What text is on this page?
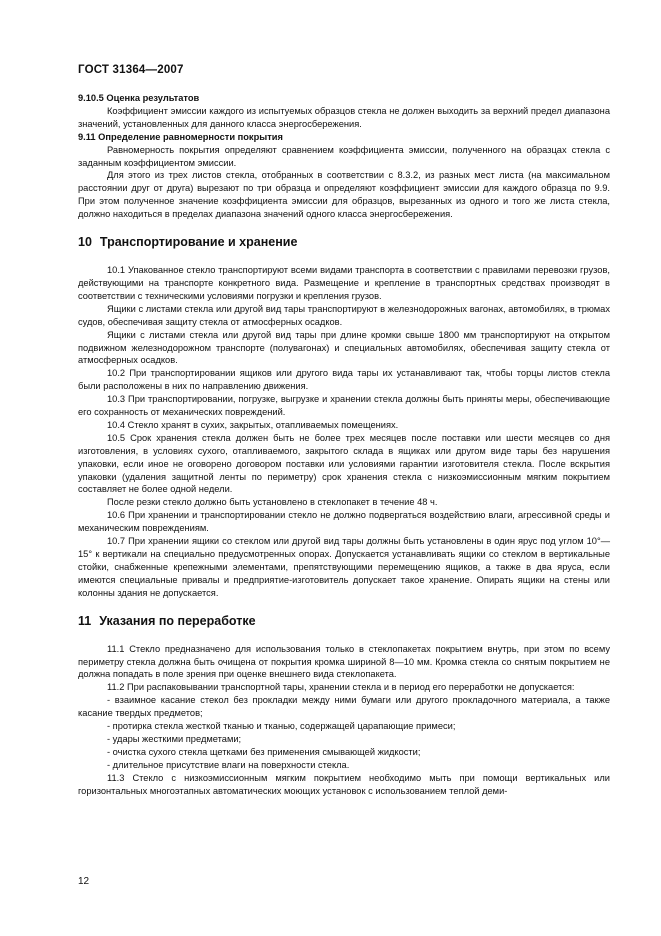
ГОСТ 31364—2007

9.10.5 Оценка результатов

Коэффициент эмиссии каждого из испытуемых образцов стекла не должен выходить за верхний предел диапазона значений, установленных для данного класса энергосбережения.

9.11 Определение равномерности покрытия

Равномерность покрытия определяют сравнением коэффициента эмиссии, полученного на образцах стекла с заданным коэффициентом эмиссии.

Для этого из трех листов стекла, отобранных в соответствии с 8.3.2, из разных мест листа (на максимальном расстоянии друг от друга) вырезают по три образца и определяют коэффициент эмиссии для каждого образца по 9.9. При этом полученное значение коэффициента эмиссии для образцов, вырезанных из одного и того же листа стекла, должно находиться в пределах диапазона значений одного класса энергосбережения.

10 Транспортирование и хранение

10.1 Упакованное стекло транспортируют всеми видами транспорта в соответствии с правилами перевозки грузов, действующими на транспорте конкретного вида. Размещение и крепление в транспортных средствах производят в соответствии с техническими условиями погрузки и крепления грузов.

Ящики с листами стекла или другой вид тары транспортируют в железнодорожных вагонах, автомобилях, в трюмах судов, обеспечивая защиту стекла от атмосферных осадков.

Ящики с листами стекла или другой вид тары при длине кромки свыше 1800 мм транспортируют на открытом подвижном железнодорожном транспорте (полувагонах) и специальных автомобилях, обеспечивая защиту стекла от атмосферных осадков.

10.2 При транспортировании ящиков или другого вида тары их устанавливают так, чтобы торцы листов стекла были расположены в них по направлению движения.

10.3 При транспортировании, погрузке, выгрузке и хранении стекла должны быть приняты меры, обеспечивающие его сохранность от механических повреждений.

10.4 Стекло хранят в сухих, закрытых, отапливаемых помещениях.

10.5 Срок хранения стекла должен быть не более трех месяцев после поставки или шести месяцев со дня изготовления, в условиях сухого, отапливаемого, закрытого склада в ящиках или другом виде тары без нарушения упаковки, если иное не оговорено договором поставки или условиями гарантии изготовителя стекла. После вскрытия упаковки (удаления защитной ленты по периметру) срок хранения стекла с низкоэмиссионным мягким покрытием составляет не более одной недели.

После резки стекло должно быть установлено в стеклопакет в течение 48 ч.

10.6 При хранении и транспортировании стекло не должно подвергаться воздействию влаги, агрессивной среды и механическим повреждениям.

10.7 При хранении ящики со стеклом или другой вид тары должны быть установлены в один ярус под углом 10°—15° к вертикали на специально предусмотренных опорах. Допускается устанавливать ящики со стеклом в вертикальные стойки, снабженные крепежными элементами, препятствующими перемещению ящиков, а также в два яруса, если имеются специальные привалы и предприятие-изготовитель допускает такое хранение. Опирать ящики на стены или колонны здания не допускается.

11 Указания по переработке

11.1 Стекло предназначено для использования только в стеклопакетах покрытием внутрь, при этом по всему периметру стекла должна быть очищена от покрытия кромка шириной 8—10 мм. Кромка стекла со снятым покрытием не должна попадать в поле зрения при оценке внешнего вида стеклопакета.

11.2 При распаковывании транспортной тары, хранении стекла и в период его переработки не допускается:

- взаимное касание стекол без прокладки между ними бумаги или другого прокладочного материала, а также касание твердых предметов;

- протирка стекла жесткой тканью и тканью, содержащей царапающие примеси;

- удары жесткими предметами;

- очистка сухого стекла щетками без применения смывающей жидкости;

- длительное присутствие влаги на поверхности стекла.

11.3 Стекло с низкоэмиссионным мягким покрытием необходимо мыть при помощи вертикальных или горизонтальных многоэтапных автоматических моющих установок с использованием теплой деми-

12
